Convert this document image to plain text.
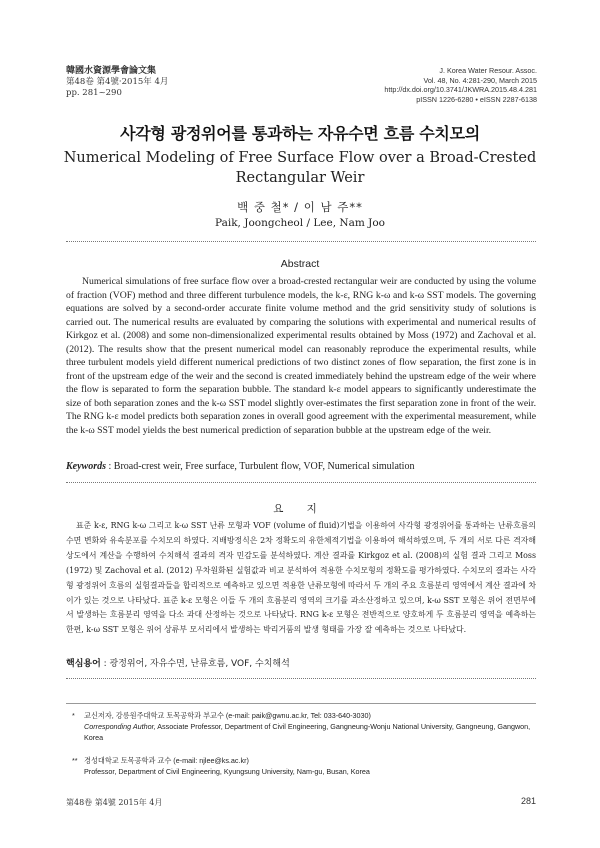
韓國水資源學會論文集
第48卷 第4號·2015年 4月
pp. 281~290
J. Korea Water Resour. Assoc.
Vol. 48, No. 4:281-290, March 2015
http://dx.doi.org/10.3741/JKWRA.2015.48.4.281
pISSN 1226-6280 • eISSN 2287-6138
사각형 광정위어를 통과하는 자유수면 흐름 수치모의
Numerical Modeling of Free Surface Flow over a Broad-Crested Rectangular Weir
백 중 철* / 이 남 주**
Paik, Joongcheol / Lee, Nam Joo
Abstract
Numerical simulations of free surface flow over a broad-crested rectangular weir are conducted by using the volume of fraction (VOF) method and three different turbulence models, the k-ε, RNG k-ω and k-ω SST models. The governing equations are solved by a second-order accurate finite volume method and the grid sensitivity study of solutions is carried out. The numerical results are evaluated by comparing the solutions with experimental and numerical results of Kirkgoz et al. (2008) and some non-dimensionalized experimental results obtained by Moss (1972) and Zachoval et al. (2012). The results show that the present numerical model can reasonably reproduce the experimental results, while three turbulent models yield different numerical predictions of two distinct zones of flow separation, the first zone is in front of the upstream edge of the weir and the second is created immediately behind the upstream edge of the weir where the flow is separated to form the separation bubble. The standard k-ε model appears to significantly underestimate the size of both separation zones and the k-ω SST model slightly over-estimates the first separation zone in front of the weir. The RNG k-ε model predicts both separation zones in overall good agreement with the experimental measurement, while the k-ω SST model yields the best numerical prediction of separation bubble at the upstream edge of the weir.
Keywords : Broad-crest weir, Free surface, Turbulent flow, VOF, Numerical simulation
요 지
표준 k-ε, RNG k-ω 그리고 k-ω SST 난류 모형과 VOF (volume of fluid)기법을 이용하여 사각형 광정위어를 통과하는 난류흐름의 수면 변화와 유속분포를 수치모의 하였다. 지배방정식은 2차 정확도의 유한체적기법을 이용하여 해석하였으며, 두 개의 서로 다른 격자해상도에서 계산을 수행하여 수치해석 결과의 격자 민감도를 분석하였다. 계산 결과를 Kirkgoz et al. (2008)의 실험 결과 그리고 Moss (1972) 및 Zachoval et al. (2012) 무차원화된 실험값과 비교 분석하여 적용한 수치모형의 정확도를 평가하였다. 수치모의 결과는 사각형 광정위어 흐름의 실험결과들을 합리적으로 예측하고 있으면 적용한 난류모형에 따라서 두 개의 주요 흐름분리 영역에서 계산 결과에 차이가 있는 것으로 나타났다. 표준 k-ε 모형은 이들 두 개의 흐름분리 영역의 크기를 과소산정하고 있으며, k-ω SST 모형은 위어 전면부에서 발생하는 흐름분리 영역을 다소 과대 산정하는 것으로 나타났다. RNG k-ε 모형은 전반적으로 양호하게 두 흐름분리 영역을 예측하는 한편, k-ω SST 모형은 위어 상류부 모서리에서 발생하는 박리거품의 발생 형태를 가장 잘 예측하는 것으로 나타났다.
핵심용어 : 광정위어, 자유수면, 난류흐름, VOF, 수치해석
* 교신저자, 강릉원주대학교 토목공학과 부교수 (e-mail: paik@gwnu.ac.kr, Tel: 033-640-3030)
Corresponding Author, Associate Professor, Department of Civil Engineering, Gangneung-Wonju National University, Gangneung, Gangwon, Korea
** 경성대학교 토목공학과 교수 (e-mail: njlee@ks.ac.kr)
Professor, Department of Civil Engineering, Kyungsung University, Nam-gu, Busan, Korea
第48卷 第4號 2015年 4月	281
